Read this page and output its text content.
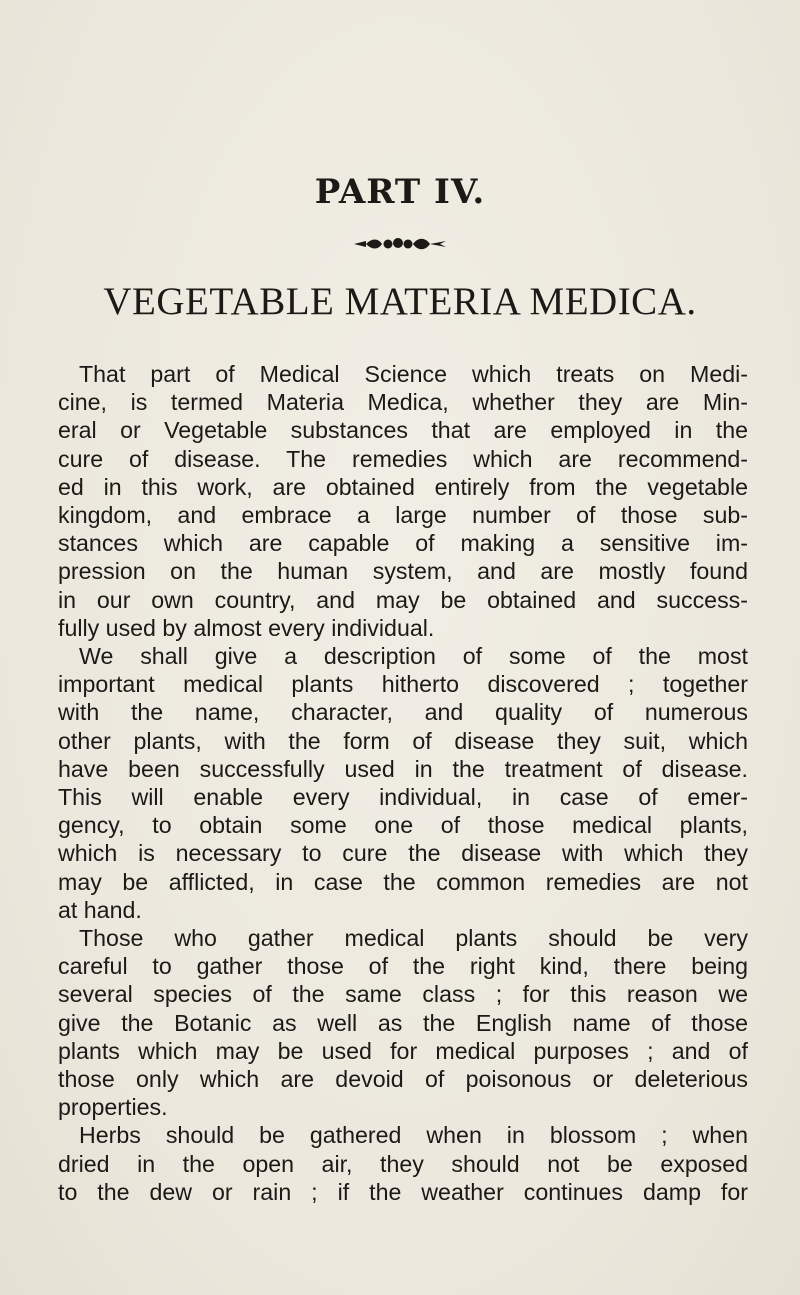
PART IV.
VEGETABLE MATERIA MEDICA.
That part of Medical Science which treats on Medi-
cine, is termed Materia Medica, whether they are Min-
eral or Vegetable substances that are employed in the
cure of disease. The remedies which are recommend-
ed in this work, are obtained entirely from the vegetable
kingdom, and embrace a large number of those sub-
stances which are capable of making a sensitive im-
pression on the human system, and are mostly found
in our own country, and may be obtained and success-
fully used by almost every individual.
We shall give a description of some of the most
important medical plants hitherto discovered ; together
with the name, character, and quality of numerous
other plants, with the form of disease they suit, which
have been successfully used in the treatment of disease.
This will enable every individual, in case of emer-
gency, to obtain some one of those medical plants,
which is necessary to cure the disease with which they
may be afflicted, in case the common remedies are not
at hand.
Those who gather medical plants should be very
careful to gather those of the right kind, there being
several species of the same class ; for this reason we
give the Botanic as well as the English name of those
plants which may be used for medical purposes ; and of
those only which are devoid of poisonous or deleterious
properties.
Herbs should be gathered when in blossom ; when
dried in the open air, they should not be exposed
to the dew or rain ; if the weather continues damp for
